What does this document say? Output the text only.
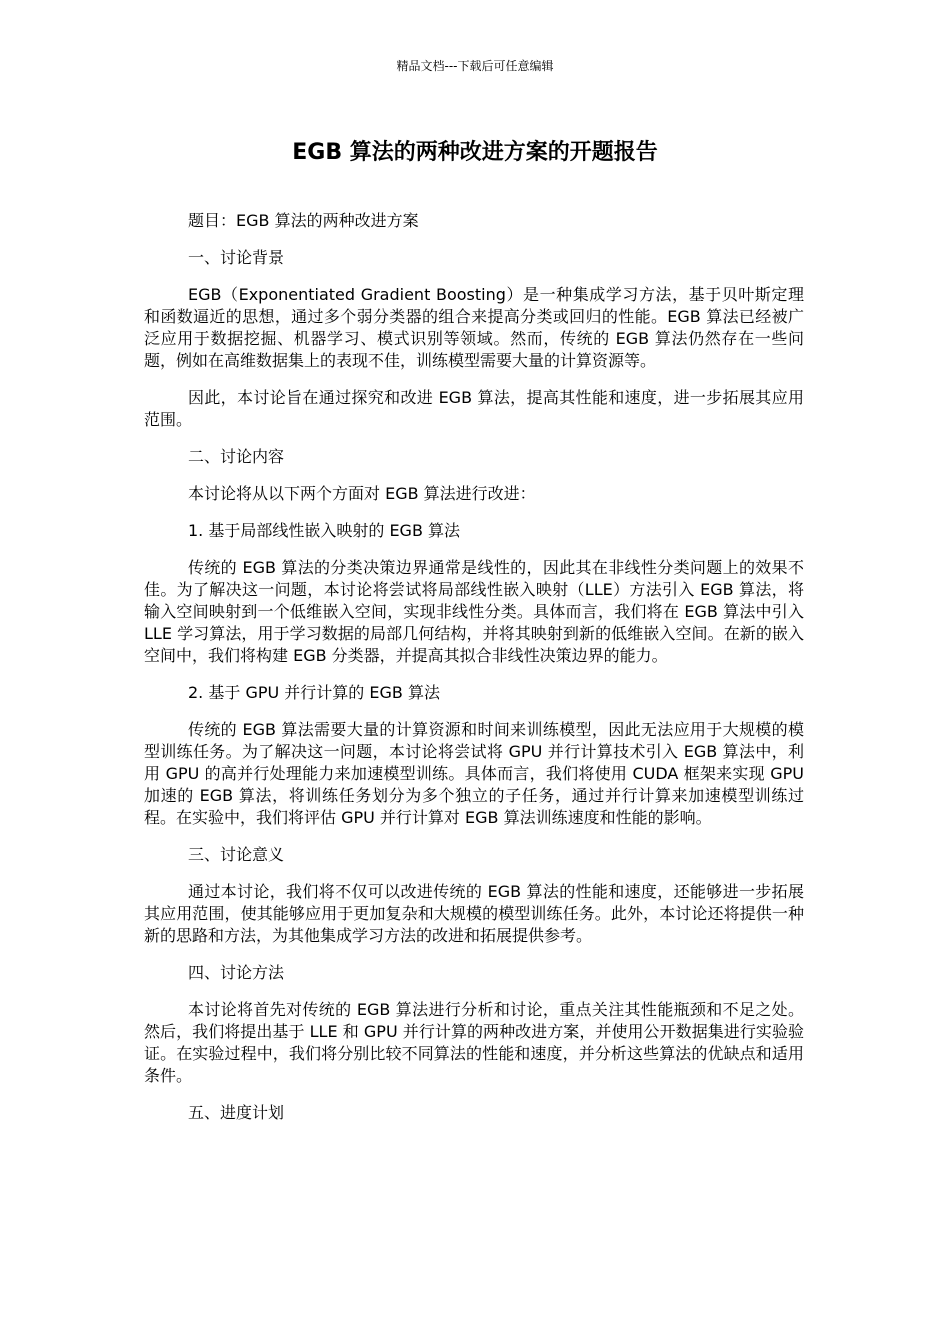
精品文档---下载后可任意编辑
EGB 算法的两种改进方案的开题报告

题目：EGB 算法的两种改进方案

一、讨论背景

EGB（Exponentiated Gradient Boosting）是一种集成学习方法，基于贝叶斯定理和函数逼近的思想，通过多个弱分类器的组合来提高分类或回归的性能。EGB 算法已经被广泛应用于数据挖掘、机器学习、模式识别等领域。然而，传统的 EGB 算法仍然存在一些问题，例如在高维数据集上的表现不佳，训练模型需要大量的计算资源等。

因此，本讨论旨在通过探究和改进 EGB 算法，提高其性能和速度，进一步拓展其应用范围。

二、讨论内容

本讨论将从以下两个方面对 EGB 算法进行改进：

1. 基于局部线性嵌入映射的 EGB 算法

传统的 EGB 算法的分类决策边界通常是线性的，因此其在非线性分类问题上的效果不佳。为了解决这一问题，本讨论将尝试将局部线性嵌入映射（LLE）方法引入 EGB 算法，将输入空间映射到一个低维嵌入空间，实现非线性分类。具体而言，我们将在 EGB 算法中引入 LLE 学习算法，用于学习数据的局部几何结构，并将其映射到新的低维嵌入空间。在新的嵌入空间中，我们将构建 EGB 分类器，并提高其拟合非线性决策边界的能力。

2. 基于 GPU 并行计算的 EGB 算法

传统的 EGB 算法需要大量的计算资源和时间来训练模型，因此无法应用于大规模的模型训练任务。为了解决这一问题，本讨论将尝试将 GPU 并行计算技术引入 EGB 算法中，利用 GPU 的高并行处理能力来加速模型训练。具体而言，我们将使用 CUDA 框架来实现 GPU 加速的 EGB 算法，将训练任务划分为多个独立的子任务，通过并行计算来加速模型训练过程。在实验中，我们将评估 GPU 并行计算对 EGB 算法训练速度和性能的影响。

三、讨论意义

通过本讨论，我们将不仅可以改进传统的 EGB 算法的性能和速度，还能够进一步拓展其应用范围，使其能够应用于更加复杂和大规模的模型训练任务。此外，本讨论还将提供一种新的思路和方法，为其他集成学习方法的改进和拓展提供参考。

四、讨论方法

本讨论将首先对传统的 EGB 算法进行分析和讨论，重点关注其性能瓶颈和不足之处。然后，我们将提出基于 LLE 和 GPU 并行计算的两种改进方案，并使用公开数据集进行实验验证。在实验过程中，我们将分别比较不同算法的性能和速度，并分析这些算法的优缺点和适用条件。

五、进度计划
